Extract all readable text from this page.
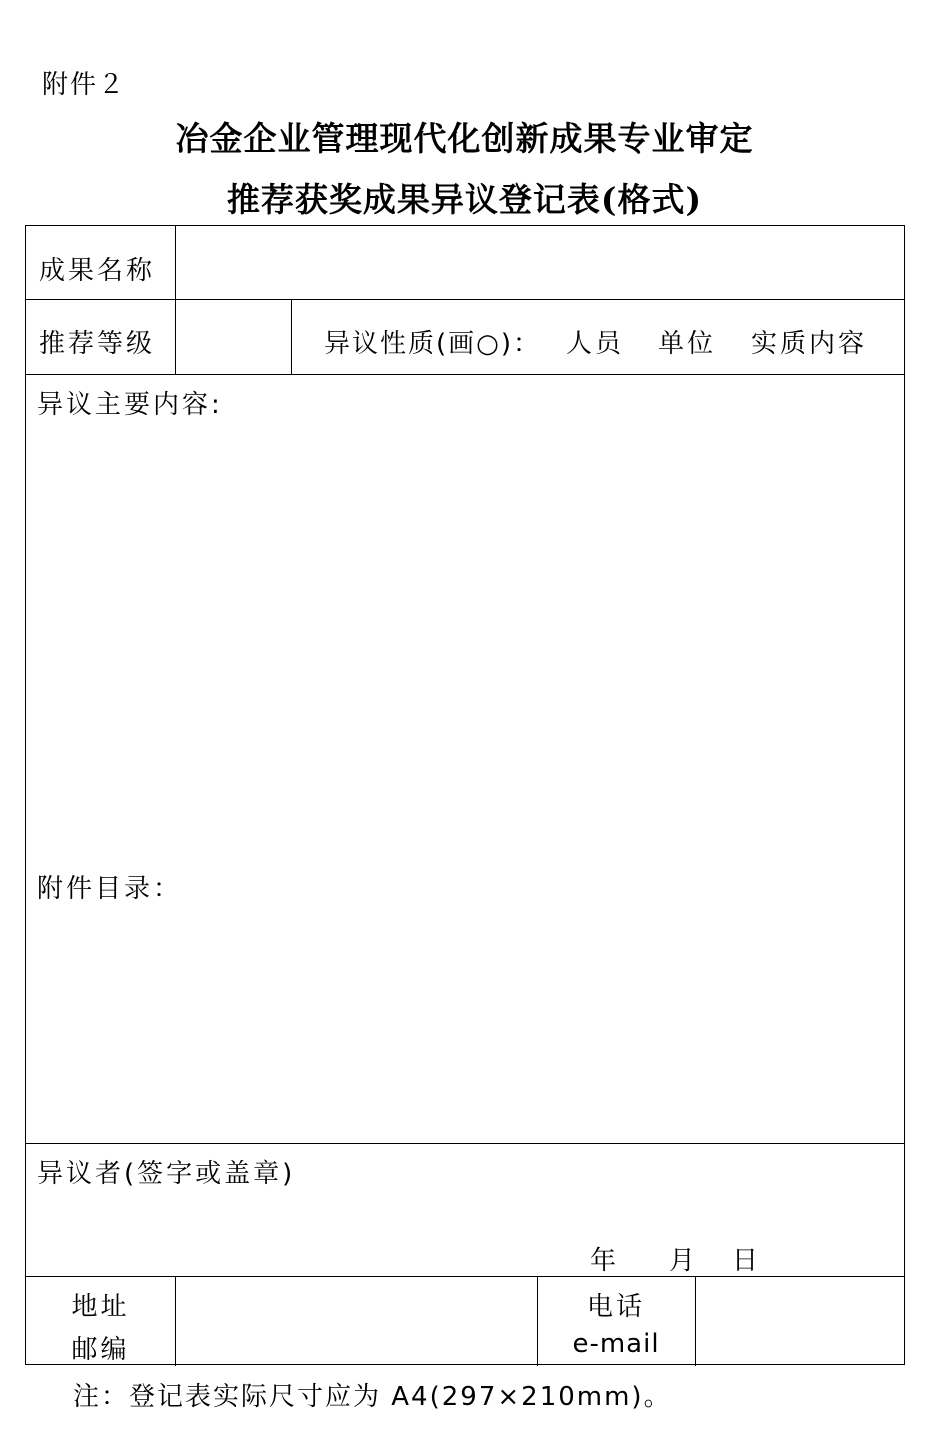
附件２
冶金企业管理现代化创新成果专业审定
推荐获奖成果异议登记表(格式)
成果名称
推荐等级	异议性质(画○)： 人员 单位 实质内容
异议主要内容:
附件目录：
异议者(签字或盖章)
年 月 日
地址
邮编
电话
e-mail
注：登记表实际尺寸应为 A4(297×210mm)。
